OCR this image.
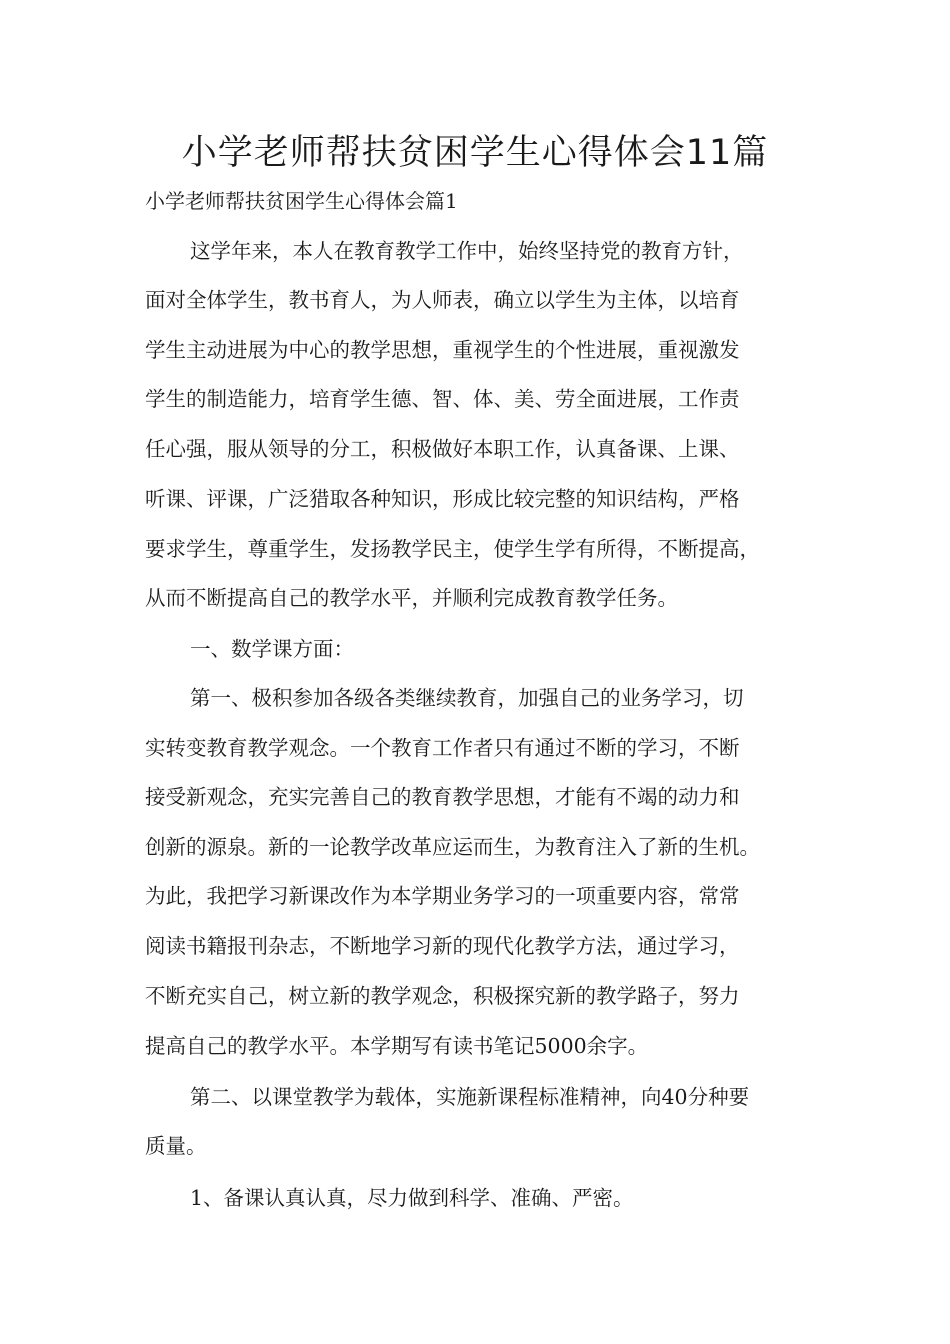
小学老师帮扶贫困学生心得体会11篇

小学老师帮扶贫困学生心得体会篇1

这学年来，本人在教育教学工作中，始终坚持党的教育方针，

面对全体学生，教书育人，为人师表，确立以学生为主体，以培育

学生主动进展为中心的教学思想，重视学生的个性进展，重视激发

学生的制造能力，培育学生德、智、体、美、劳全面进展，工作责

任心强，服从领导的分工，积极做好本职工作，认真备课、上课、

听课、评课，广泛猎取各种知识，形成比较完整的知识结构，严格

要求学生，尊重学生，发扬教学民主，使学生学有所得，不断提高，

从而不断提高自己的教学水平，并顺利完成教育教学任务。

一、数学课方面：

第一、极积参加各级各类继续教育，加强自己的业务学习，切

实转变教育教学观念。一个教育工作者只有通过不断的学习，不断

接受新观念，充实完善自己的教育教学思想，才能有不竭的动力和

创新的源泉。新的一论教学改革应运而生，为教育注入了新的生机。

为此，我把学习新课改作为本学期业务学习的一项重要内容，常常

阅读书籍报刊杂志，不断地学习新的现代化教学方法，通过学习，

不断充实自己，树立新的教学观念，积极探究新的教学路子，努力

提高自己的教学水平。本学期写有读书笔记5000余字。

第二、以课堂教学为载体，实施新课程标准精神，向40分种要

质量。

1、备课认真认真，尽力做到科学、准确、严密。
